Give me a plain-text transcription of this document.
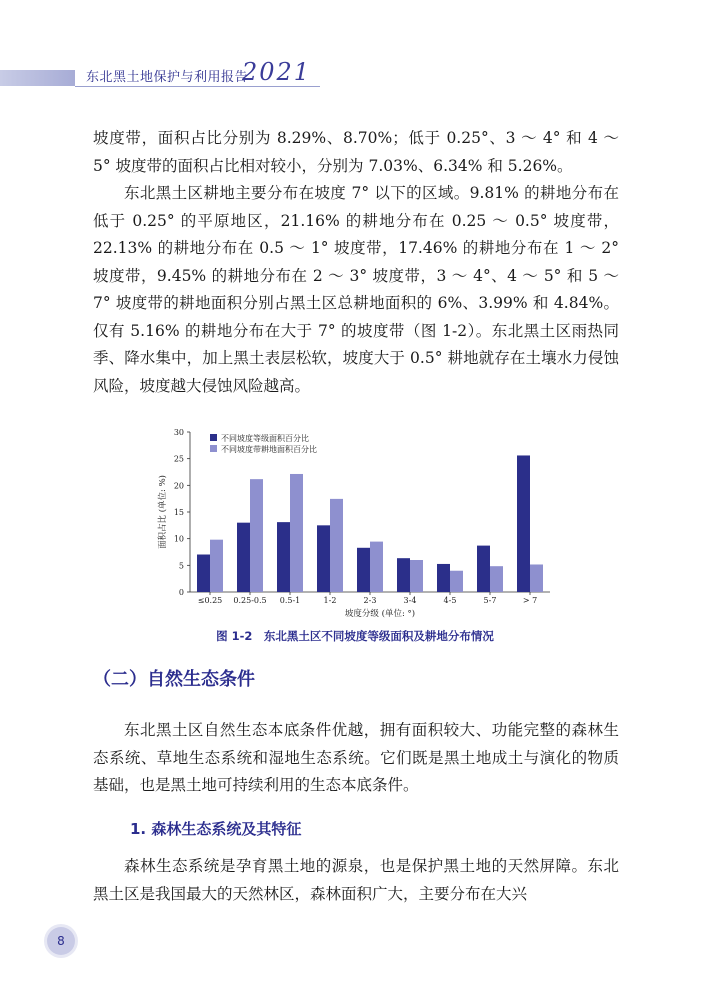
东北黑土地保护与利用报告
2021

坡度带，面积占比分别为 8.29%、8.70%；低于 0.25°、3 ～ 4° 和 4 ～ 5° 坡度带的面积占比相对较小，分别为 7.03%、6.34% 和 5.26%。

东北黑土区耕地主要分布在坡度 7° 以下的区域。9.81% 的耕地分布在低于 0.25° 的平原地区，21.16% 的耕地分布在 0.25 ～ 0.5° 坡度带，22.13% 的耕地分布在 0.5 ～ 1° 坡度带，17.46% 的耕地分布在 1 ～ 2° 坡度带，9.45% 的耕地分布在 2 ～ 3° 坡度带，3 ～ 4°、4 ～ 5° 和 5 ～ 7° 坡度带的耕地面积分别占黑土区总耕地面积的 6%、3.99% 和 4.84%。仅有 5.16% 的耕地分布在大于 7° 的坡度带（图 1-2）。东北黑土区雨热同季、降水集中，加上黑土表层松软，坡度大于 0.5° 耕地就存在土壤水力侵蚀风险，坡度越大侵蚀风险越高。

0
5
10
15
20
25
30
≤0.25 0.25-0.5 0.5-1	1-2	2-3	3-4	4-5	5-7	> 7
坡度分级 (单位: °)
面积占比 (单位: %)
不同坡度等级面积百分比
不同坡度带耕地面积百分比
图 1-2　东北黑土区不同坡度等级面积及耕地分布情况
（二）自然生态条件

东北黑土区自然生态本底条件优越，拥有面积较大、功能完整的森林生态系统、草地生态系统和湿地生态系统。它们既是黑土地成土与演化的物质基础，也是黑土地可持续利用的生态本底条件。

1. 森林生态系统及其特征

森林生态系统是孕育黑土地的源泉，也是保护黑土地的天然屏障。东北黑土区是我国最大的天然林区，森林面积广大，主要分布在大兴

8
